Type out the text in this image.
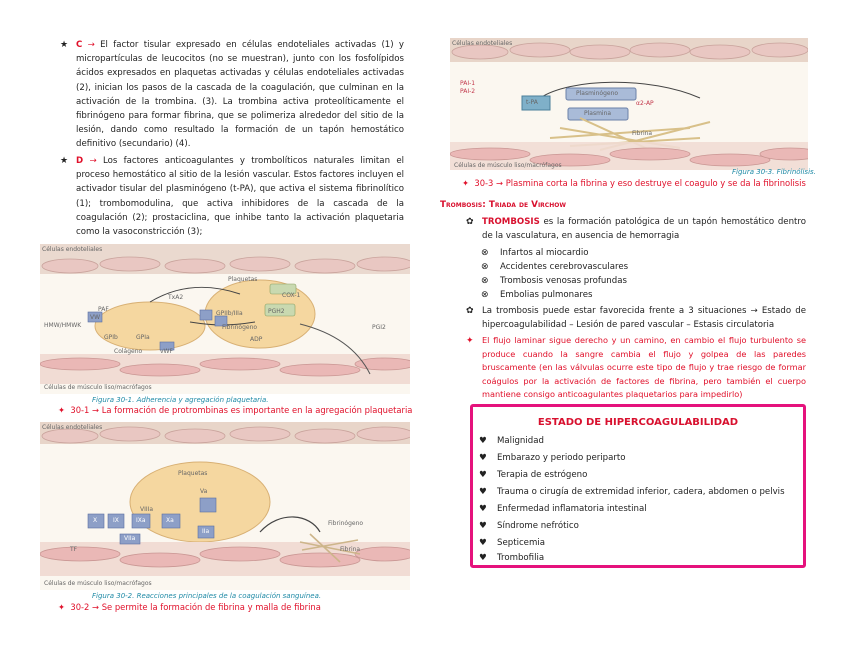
★ C → El factor tisular expresado en células endoteliales activadas (1) y micropartículas de leucocitos (no se muestran), junto con los fosfolípidos ácidos expresados en plaquetas activadas y células endoteliales activadas (2), inician los pasos de la cascada de la coagulación, que culminan en la activación de la trombina. (3). La trombina activa proteolíticamente el fibrinógeno para formar fibrina, que se polimeriza alrededor del sitio de la lesión, dando como resultado la formación de un tapón hemostático definitivo (secundario) (4).
★ D → Los factores anticoagulantes y trombolíticos naturales limitan el proceso hemostático al sitio de la lesión vascular. Estos factores incluyen el activador tisular del plasminógeno (t-PA), que activa el sistema fibrinolítico (1); trombomodulina, que activa inhibidores de la cascada de la coagulación (2); prostaciclina, que inhibe tanto la activación plaquetaria como la vasoconstricción (3);
Células endoteliales
Células de músculo liso/macrófagos
Plaquetas
COX-1
TxA2
ADP
PGI2
PAF
VW
GPIb	GPIa
Colágeno	vWF
Fibrinógeno
PGH2
GPIIb/IIIa
HMW/HMWK
Figura 30-1. Adherencia y agregación plaquetaria.
✦ 30-1 → La formación de protrombinas es importante en la agregación plaquetaria
Células endoteliales
Células de músculo liso/macrófagos
Plaquetas
X	IX	IXa	Xa
VIIIa
Va
VIIa
TF
Fibrinógeno
Fibrina
IIa
Figura 30-2. Reacciones principales de la coagulación sanguínea.
✦ 30-2 → Se permite la formación de fibrina y malla de fibrina
Células endoteliales
Células de músculo liso/macrófagos
PAI-1
PAI-2
t-PA
Plasminógeno
Plasmina
α2-AP
Fibrina
Figura 30-3. Fibrinólisis.
✦ 30-3 → Plasmina corta la fibrina y eso destruye el coagulo y se da la fibrinolisis
Trombosis: Triada de Virchow
✿ TROMBOSIS es la formación patológica de un tapón hemostático dentro de la vasculatura, en ausencia de hemorragia
⊗ Infartos al miocardio
⊗ Accidentes cerebrovasculares
⊗ Trombosis venosas profundas
⊗ Embolias pulmonares
✿ La trombosis puede estar favorecida frente a 3 situaciones → Estado de hipercoagulabilidad – Lesión de pared vascular – Estasis circulatoria
✦ El flujo laminar sigue derecho y un camino, en cambio el flujo turbulento se produce cuando la sangre cambia el flujo y golpea de las paredes bruscamente (en las válvulas ocurre este tipo de flujo y trae riesgo de formar coágulos por la activación de factores de fibrina, pero también el cuerpo mantiene consigo anticoagulantes plaquetarios para impedirlo)
ESTADO DE HIPERCOAGULABILIDAD
♥ Malignidad
♥ Embarazo y periodo periparto
♥ Terapia de estrógeno
♥ Trauma o cirugía de extremidad inferior, cadera, abdomen o pelvis
♥ Enfermedad inflamatoria intestinal
♥ Síndrome nefrótico
♥ Septicemia
♥ Trombofilia
